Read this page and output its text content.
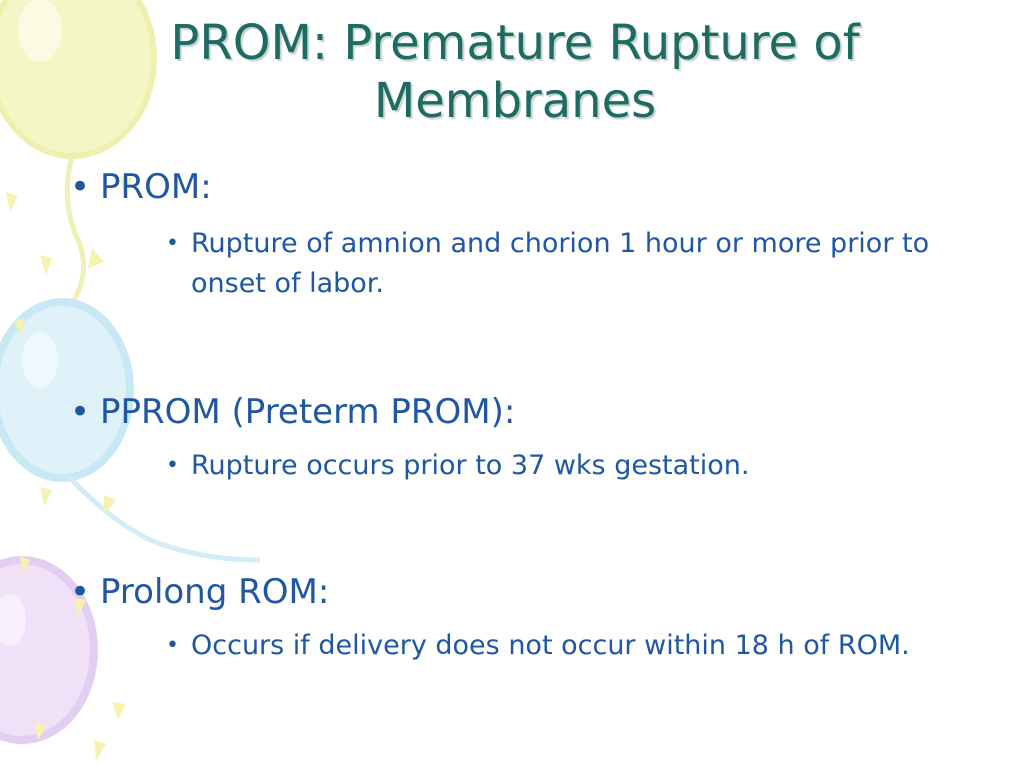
PROM: Premature Rupture of Membranes
• PROM:
• Rupture of amnion and chorion 1 hour or more prior to onset of labor.
• PPROM (Preterm PROM):
• Rupture occurs prior to 37 wks gestation.
• Prolong ROM:
• Occurs if delivery does not occur within 18 h of ROM.
